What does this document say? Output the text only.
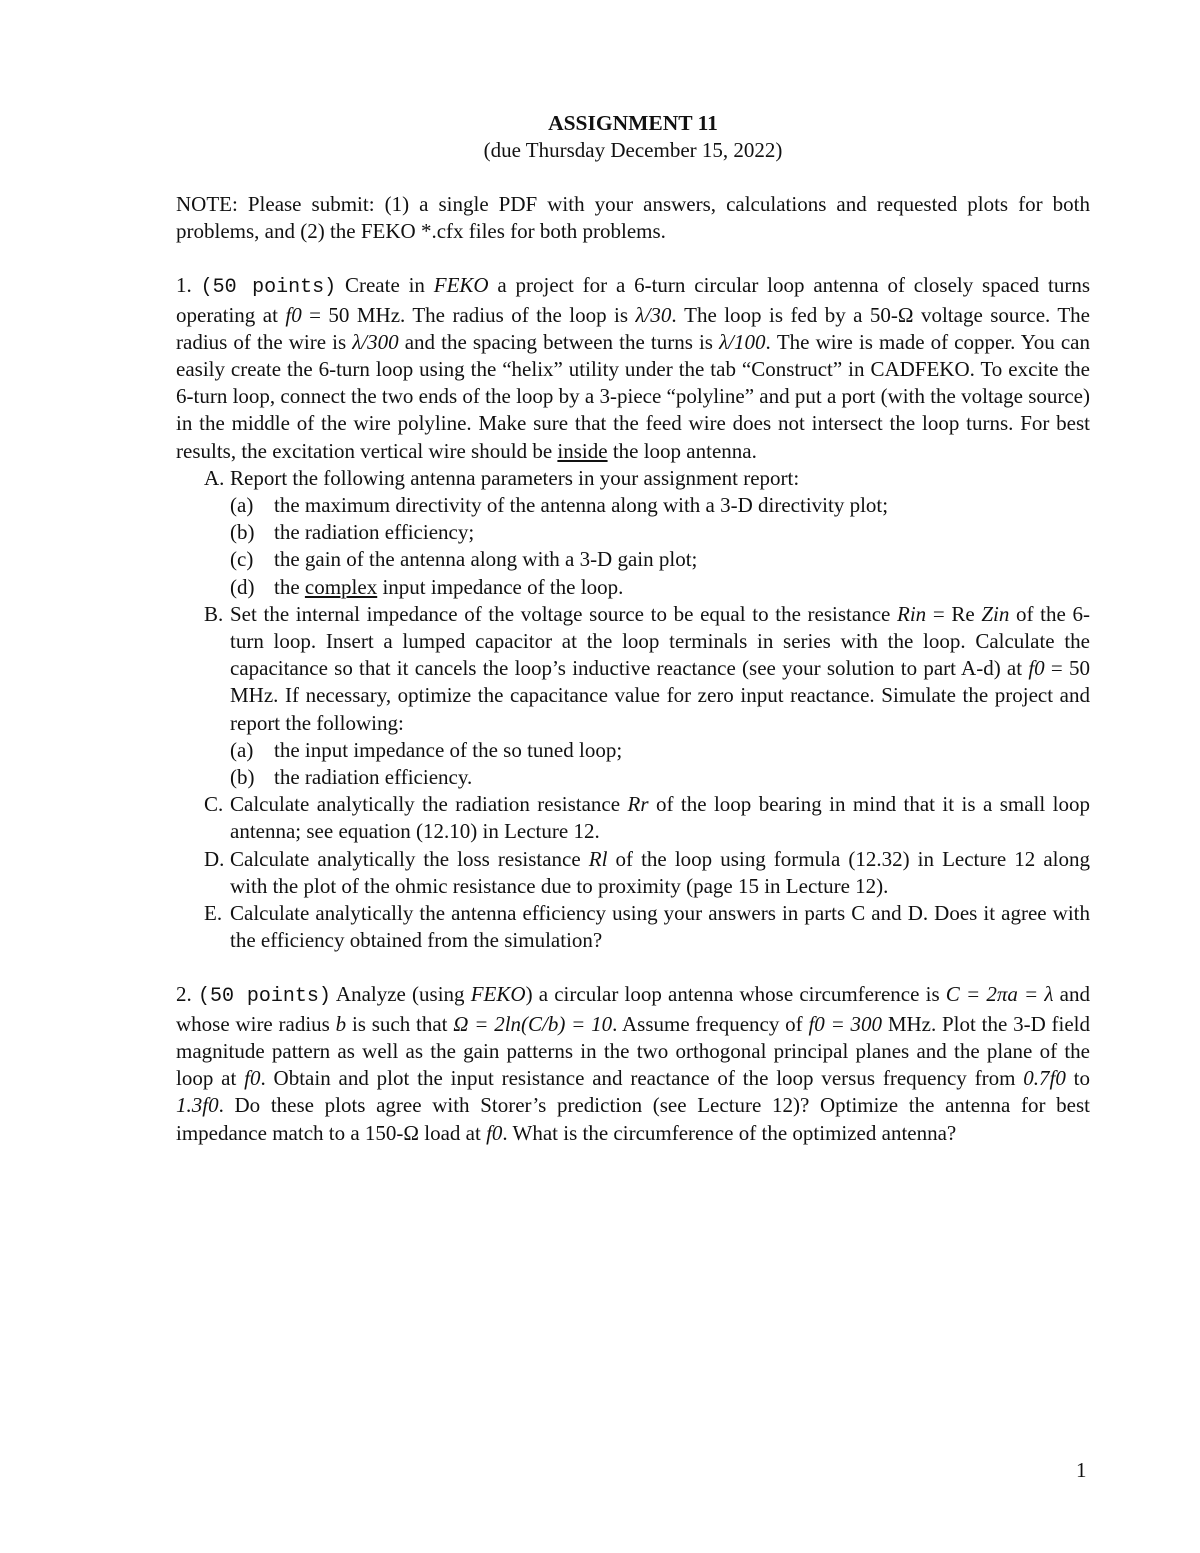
ASSIGNMENT 11

(due Thursday December 15, 2022)

NOTE: Please submit: (1) a single PDF with your answers, calculations and requested plots for both problems, and (2) the FEKO *.cfx files for both problems.

1. (50 points) Create in FEKO a project for a 6-turn circular loop antenna of closely spaced turns operating at f0 = 50 MHz. The radius of the loop is λ/30. The loop is fed by a 50-Ω voltage source. The radius of the wire is λ/300 and the spacing between the turns is λ/100. The wire is made of copper. You can easily create the 6-turn loop using the “helix” utility under the tab “Construct” in CADFEKO. To excite the 6-turn loop, connect the two ends of the loop by a 3-piece “polyline” and put a port (with the voltage source) in the middle of the wire polyline. Make sure that the feed wire does not intersect the loop turns. For best results, the excitation vertical wire should be inside the loop antenna.

A. Report the following antenna parameters in your assignment report:
(a) the maximum directivity of the antenna along with a 3-D directivity plot;
(b) the radiation efficiency;
(c) the gain of the antenna along with a 3-D gain plot;
(d) the complex input impedance of the loop.
B. Set the internal impedance of the voltage source to be equal to the resistance Rin = Re Zin of the 6-turn loop. Insert a lumped capacitor at the loop terminals in series with the loop. Calculate the capacitance so that it cancels the loop’s inductive reactance (see your solution to part A-d) at f0 = 50 MHz. If necessary, optimize the capacitance value for zero input reactance. Simulate the project and report the following:
(a) the input impedance of the so tuned loop;
(b) the radiation efficiency.
C. Calculate analytically the radiation resistance Rr of the loop bearing in mind that it is a small loop antenna; see equation (12.10) in Lecture 12.
D. Calculate analytically the loss resistance Rl of the loop using formula (12.32) in Lecture 12 along with the plot of the ohmic resistance due to proximity (page 15 in Lecture 12).
E. Calculate analytically the antenna efficiency using your answers in parts C and D. Does it agree with the efficiency obtained from the simulation?

2. (50 points) Analyze (using FEKO) a circular loop antenna whose circumference is C = 2πa = λ and whose wire radius b is such that Ω = 2ln(C/b) = 10. Assume frequency of f0 = 300 MHz. Plot the 3-D field magnitude pattern as well as the gain patterns in the two orthogonal principal planes and the plane of the loop at f0. Obtain and plot the input resistance and reactance of the loop versus frequency from 0.7f0 to 1.3f0. Do these plots agree with Storer’s prediction (see Lecture 12)? Optimize the antenna for best impedance match to a 150-Ω load at f0. What is the circumference of the optimized antenna?

1
